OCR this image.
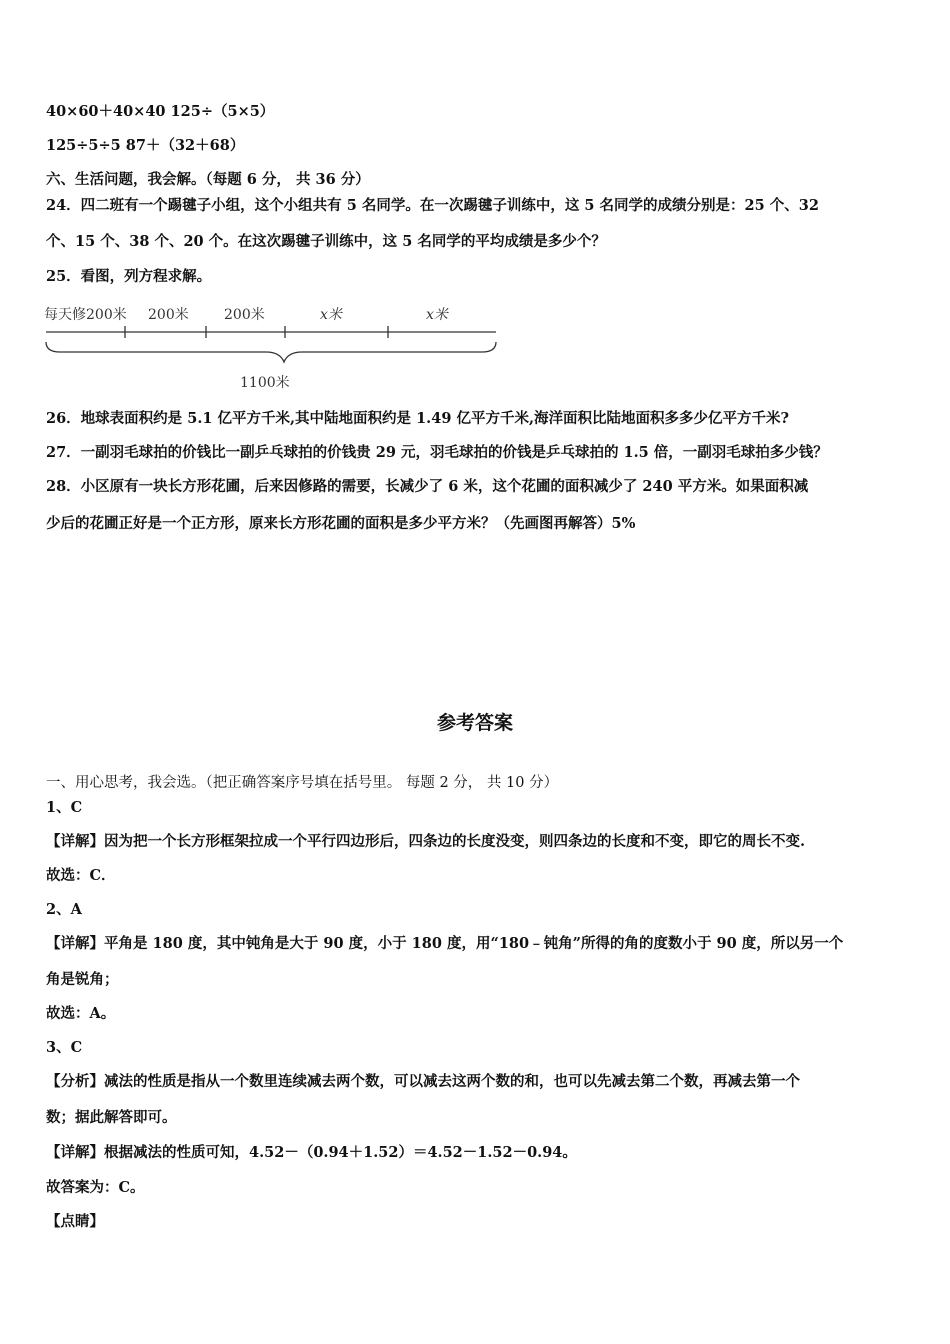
40×60＋40×40 125÷（5×5）
125÷5÷5 87＋（32＋68）
六、生活问题，我会解。（每题 6 分， 共 36 分）
24．四二班有一个踢毽子小组，这个小组共有 5 名同学。在一次踢毽子训练中，这 5 名同学的成绩分别是：25 个、32
个、15 个、38 个、20 个。在这次踢毽子训练中，这 5 名同学的平均成绩是多少个？
25．看图，列方程求解。
每天修200米 200米	200米	x米	x米
1100米
26．地球表面积约是 5.1 亿平方千米,其中陆地面积约是 1.49 亿平方千米,海洋面积比陆地面积多多少亿平方千米?
27．一副羽毛球拍的价钱比一副乒乓球拍的价钱贵 29 元，羽毛球拍的价钱是乒乓球拍的 1.5 倍，一副羽毛球拍多少钱？
28．小区原有一块长方形花圃，后来因修路的需要，长减少了 6 米，这个花圃的面积减少了 240 平方米。如果面积减
少后的花圃正好是一个正方形，原来长方形花圃的面积是多少平方米？（先画图再解答）5%
参考答案
一、用心思考，我会选。（把正确答案序号填在括号里。 每题 2 分， 共 10 分）
1、C
【详解】因为把一个长方形框架拉成一个平行四边形后，四条边的长度没变，则四条边的长度和不变，即它的周长不变.
故选：C．
2、A
【详解】平角是 180 度，其中钝角是大于 90 度，小于 180 度，用“180﹣钝角”所得的角的度数小于 90 度，所以另一个
角是锐角；
故选：A。
3、C
【分析】减法的性质是指从一个数里连续减去两个数，可以减去这两个数的和，也可以先减去第二个数，再减去第一个
数；据此解答即可。
【详解】根据减法的性质可知，4.52－（0.94＋1.52）＝4.52－1.52－0.94。
故答案为：C。
【点睛】
